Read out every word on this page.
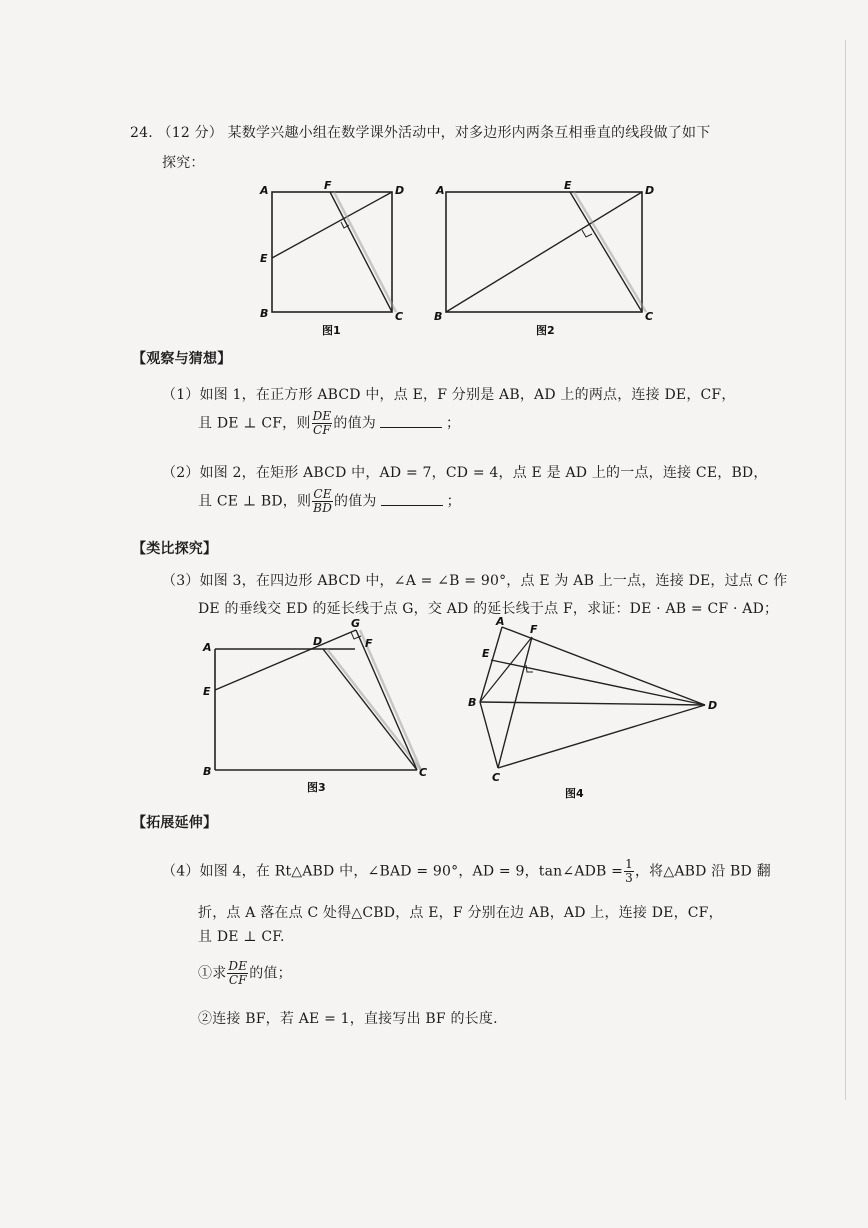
24. （12 分） 某数学兴趣小组在数学课外活动中，对多边形内两条互相垂直的线段做了如下
探究：
A	F	D
E
B	C
图1
A	E	D
B	C
图2
【观察与猜想】
（1）如图 1，在正方形 ABCD 中，点 E，F 分别是 AB，AD 上的两点，连接 DE，CF，
且 DE ⊥ CF，则 $\frac{DE}{CF}$ 的值为	；
（2）如图 2，在矩形 ABCD 中，AD = 7，CD = 4，点 E 是 AD 上的一点，连接 CE，BD，
且 CE ⊥ BD，则 $\frac{CE}{BD}$ 的值为	；
【类比探究】
（3）如图 3，在四边形 ABCD 中，∠A = ∠B = 90°，点 E 为 AB 上一点，连接 DE，过点 C 作
DE 的垂线交 ED 的延长线于点 G，交 AD 的延长线于点 F，求证：DE · AB = CF · AD；
A	D
G
F
E
B	C
图3
A
F
E
B	D
C
图4
【拓展延伸】
（4）如图 4，在 Rt△ABD 中，∠BAD = 90°，AD = 9，tan∠ADB = $\frac{1}{3}$ ，将△ABD 沿 BD 翻
折，点 A 落在点 C 处得△CBD，点 E，F 分别在边 AB，AD 上，连接 DE，CF，
且 DE ⊥ CF.
①求 $\frac{DE}{CF}$ 的值；
②连接 BF，若 AE = 1，直接写出 BF 的长度.
